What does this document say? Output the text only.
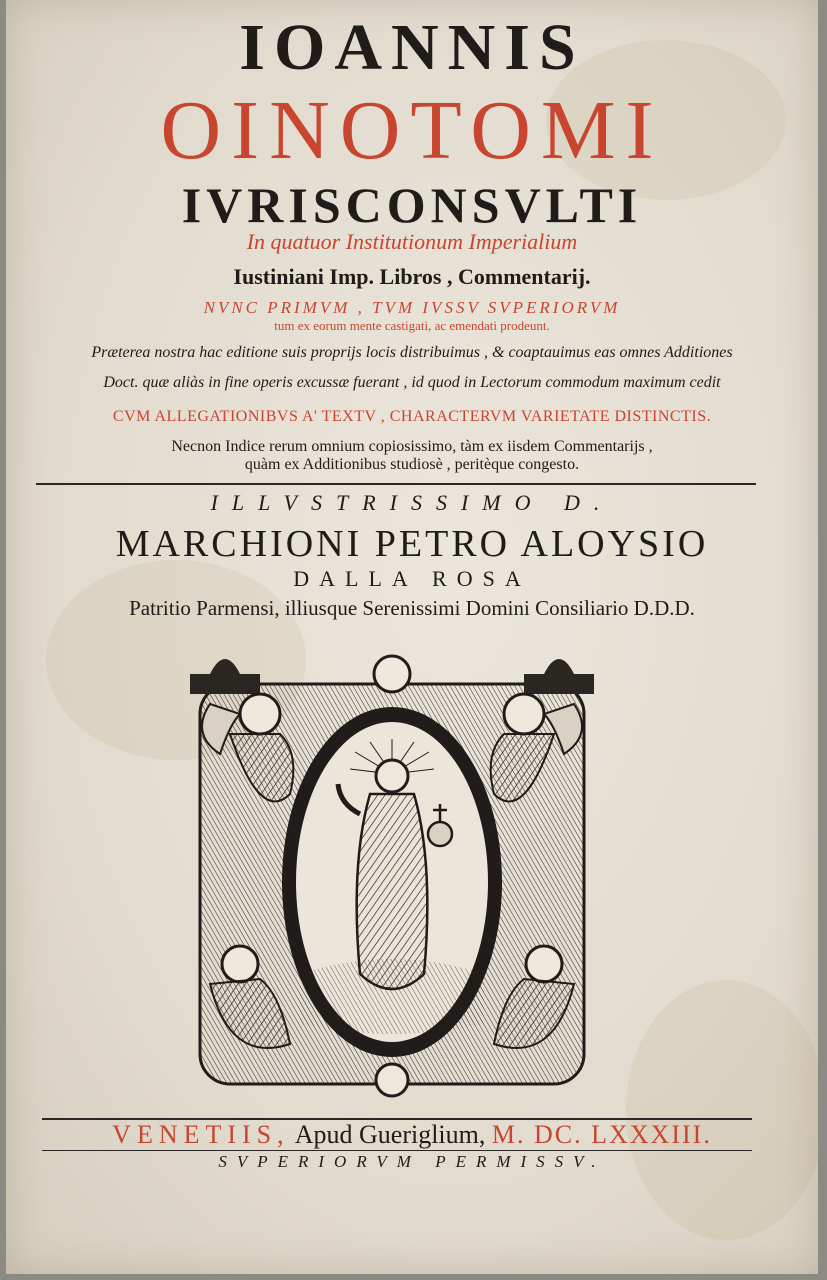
IOANNIS
OINOTOMI
IVRISCONSVLTI
In quatuor Institutionum Imperialium
Iustiniani Imp. Libros , Commentarij.
NVNC PRIMVM , TVM IVSSV SVPERIORVM
tum ex eorum mente castigati, ac emendati prodeunt.
Præterea nostra hac editione suis proprijs locis distribuimus , & coaptauimus eas omnes Additiones
Doct. quæ aliàs in fine operis excussæ fuerant , id quod in Lectorum commodum maximum cedit
CVM ALLEGATIONIBVS A' TEXTV , CHARACTERVM VARIETATE DISTINCTIS.
Necnon Indice rerum omnium copiosissimo, tàm ex iisdem Commentarijs ,
quàm ex Additionibus studiosè , peritèque congesto.
ILLVSTRISSIMO D.
MARCHIONI PETRO ALOYSIO
DALLA ROSA
Patritio Parmensi, illiusque Serenissimi Domini Consiliario D.D.D.
VENETIIS, Apud Gueriglium, M. DC. LXXXIII.
SVPERIORVM PERMISSV.
